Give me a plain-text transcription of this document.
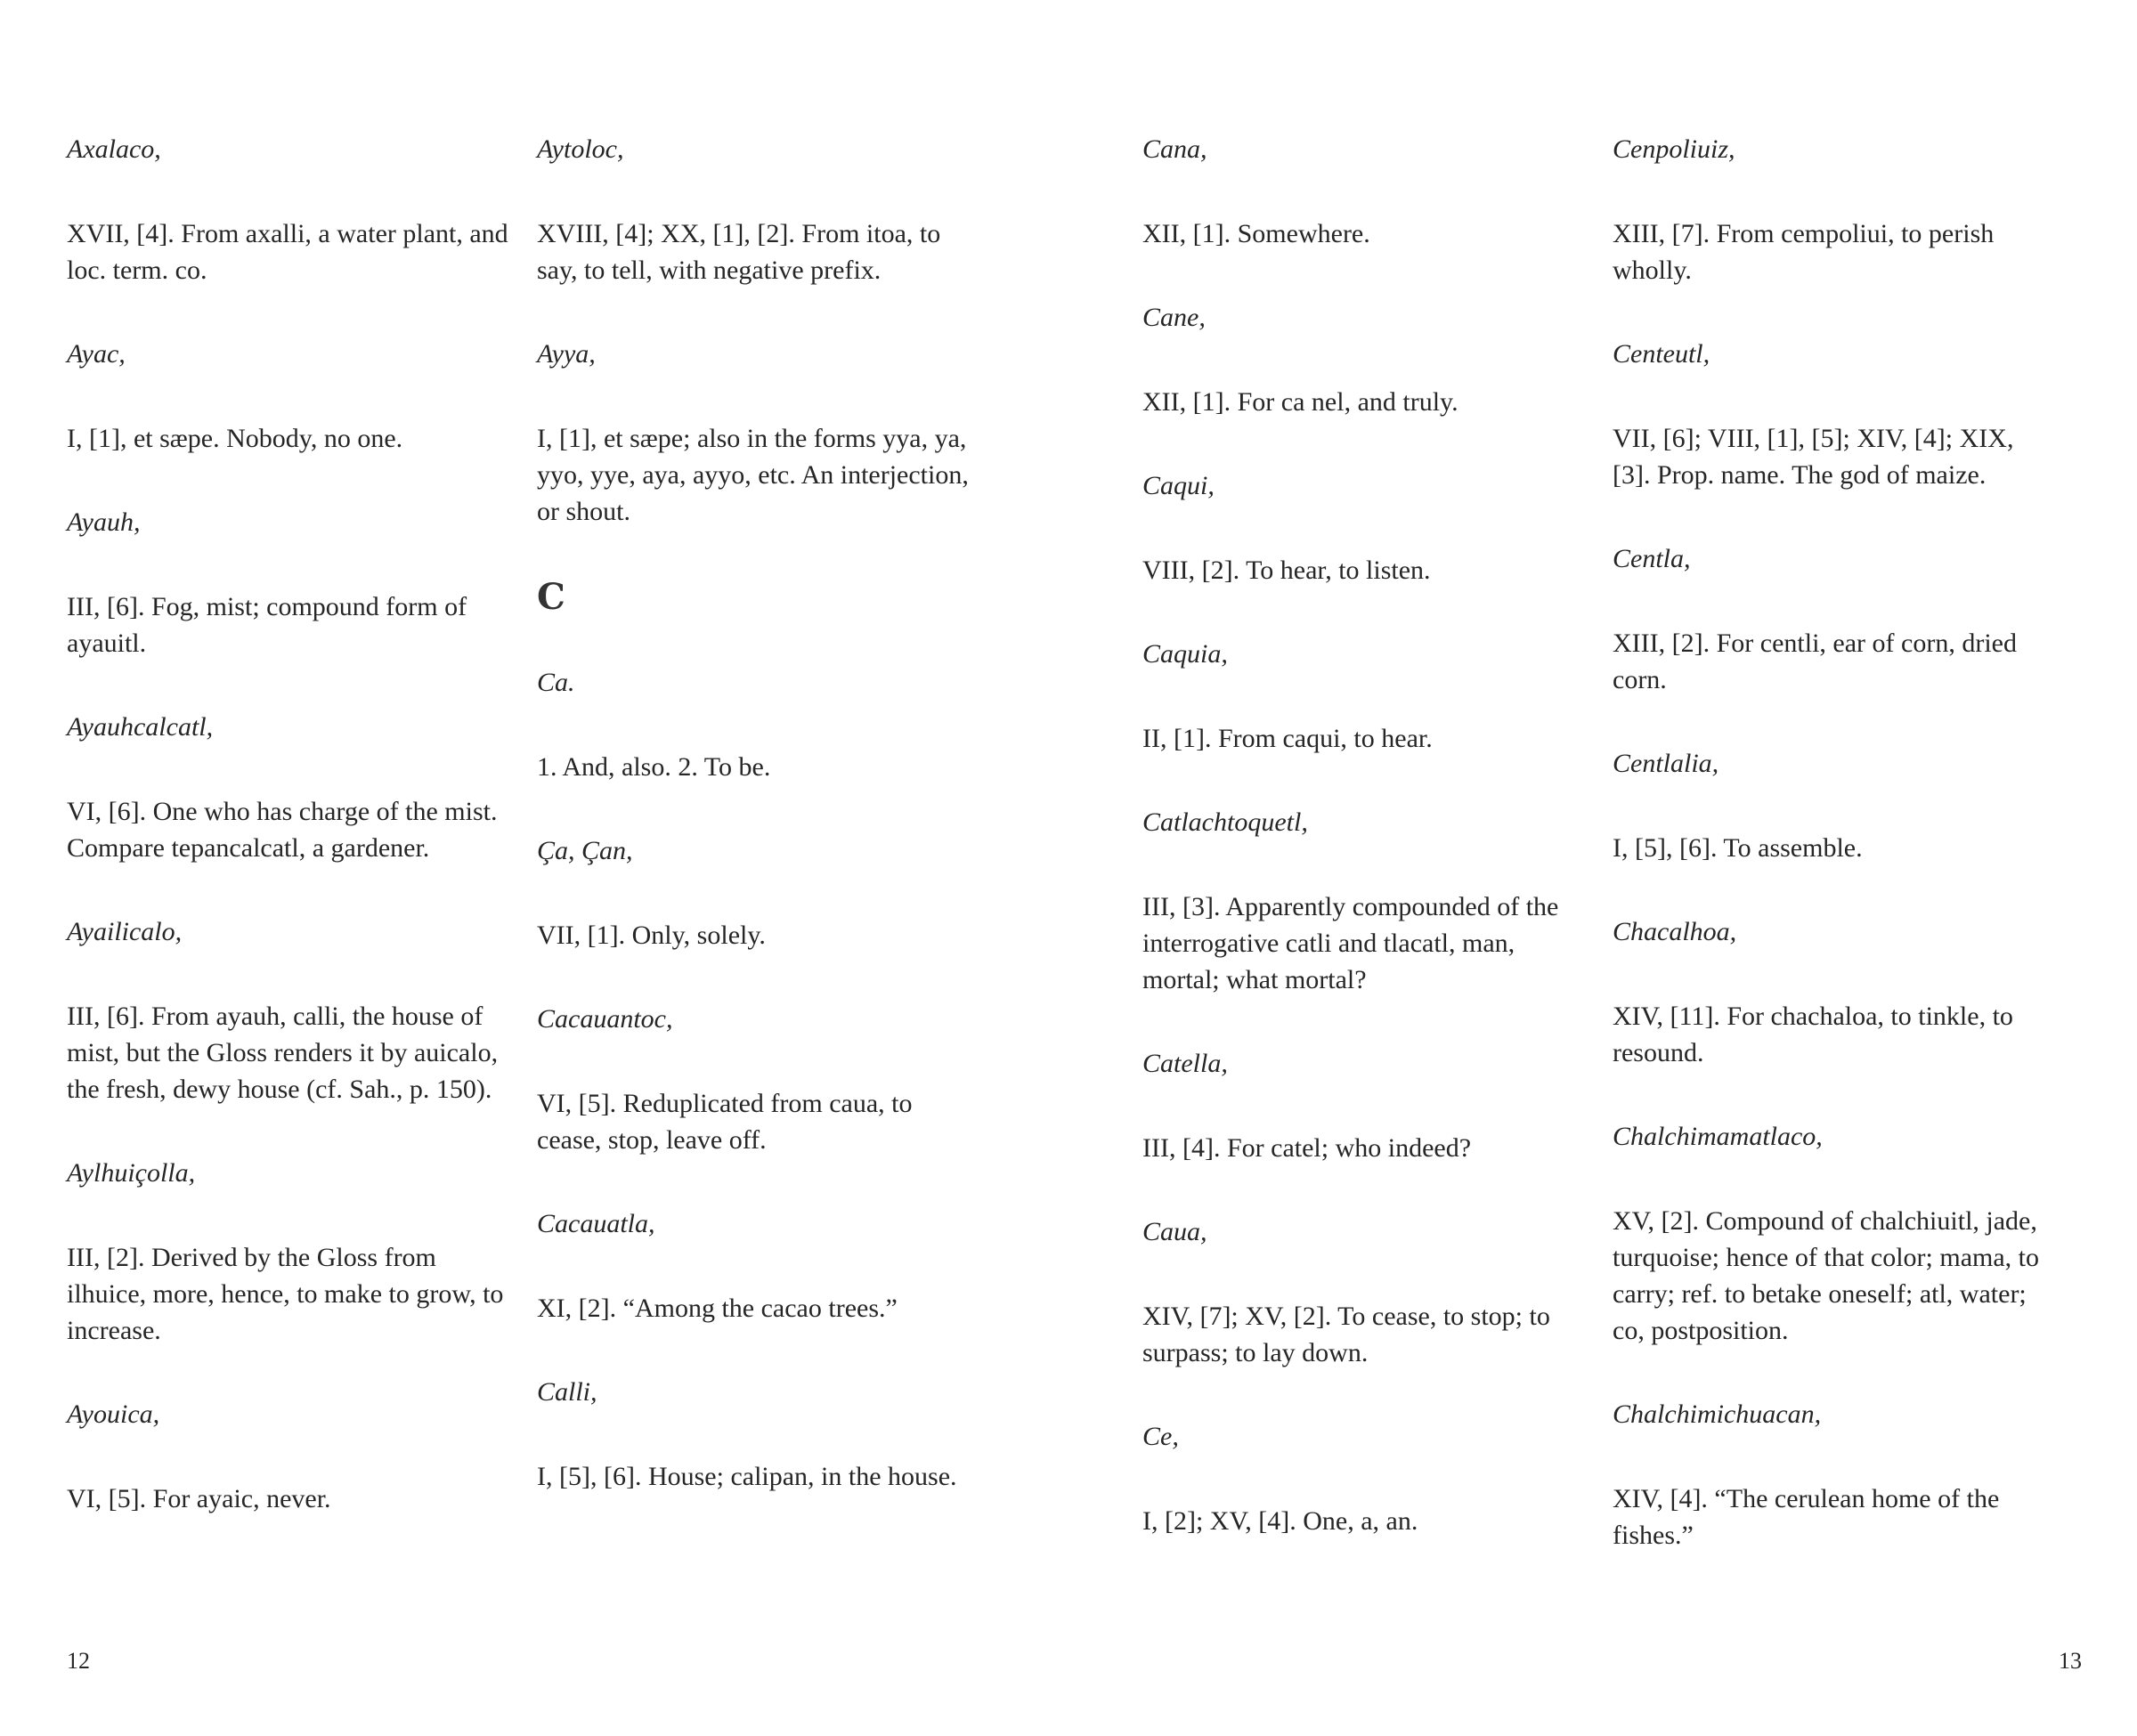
Axalaco,
XVII, [4]. From axalli, a water plant, and loc. term. co.
Ayac,
I, [1], et sæpe. Nobody, no one.
Ayauh,
III, [6]. Fog, mist; compound form of ayauitl.
Ayauhcalcatl,
VI, [6]. One who has charge of the mist. Compare tepancalcatl, a gardener.
Ayailicalo,
III, [6]. From ayauh, calli, the house of mist, but the Gloss renders it by auicalo, the fresh, dewy house (cf. Sah., p. 150).
Aylhuiçolla,
III, [2]. Derived by the Gloss from ilhuice, more, hence, to make to grow, to increase.
Ayouica,
VI, [5]. For ayaic, never.
Aytoloc,
XVIII, [4]; XX, [1], [2]. From itoa, to say, to tell, with negative prefix.
Ayya,
I, [1], et sæpe; also in the forms yya, ya, yyo, yye, aya, ayyo, etc. An interjection, or shout.
C
Ca.
1. And, also. 2. To be.
Ça, Çan,
VII, [1]. Only, solely.
Cacauantoc,
VI, [5]. Reduplicated from caua, to cease, stop, leave off.
Cacauatla,
XI, [2]. “Among the cacao trees.”
Calli,
I, [5], [6]. House; calipan, in the house.
12
Cana,
XII, [1]. Somewhere.
Cane,
XII, [1]. For ca nel, and truly.
Caqui,
VIII, [2]. To hear, to listen.
Caquia,
II, [1]. From caqui, to hear.
Catlachtoquetl,
III, [3]. Apparently compounded of the interrogative catli and tlacatl, man, mortal; what mortal?
Catella,
III, [4]. For catel; who indeed?
Caua,
XIV, [7]; XV, [2]. To cease, to stop; to surpass; to lay down.
Ce,
I, [2]; XV, [4]. One, a, an.
Cenpoliuiz,
XIII, [7]. From cempoliui, to perish wholly.
Centeutl,
VII, [6]; VIII, [1], [5]; XIV, [4]; XIX, [3]. Prop. name. The god of maize.
Centla,
XIII, [2]. For centli, ear of corn, dried corn.
Centlalia,
I, [5], [6]. To assemble.
Chacalhoa,
XIV, [11]. For chachaloa, to tinkle, to resound.
Chalchimamatlaco,
XV, [2]. Compound of chalchiuitl, jade, turquoise; hence of that color; mama, to carry; ref. to betake oneself; atl, water; co, postposition.
Chalchimichuacan,
XIV, [4]. “The cerulean home of the fishes.”
13
